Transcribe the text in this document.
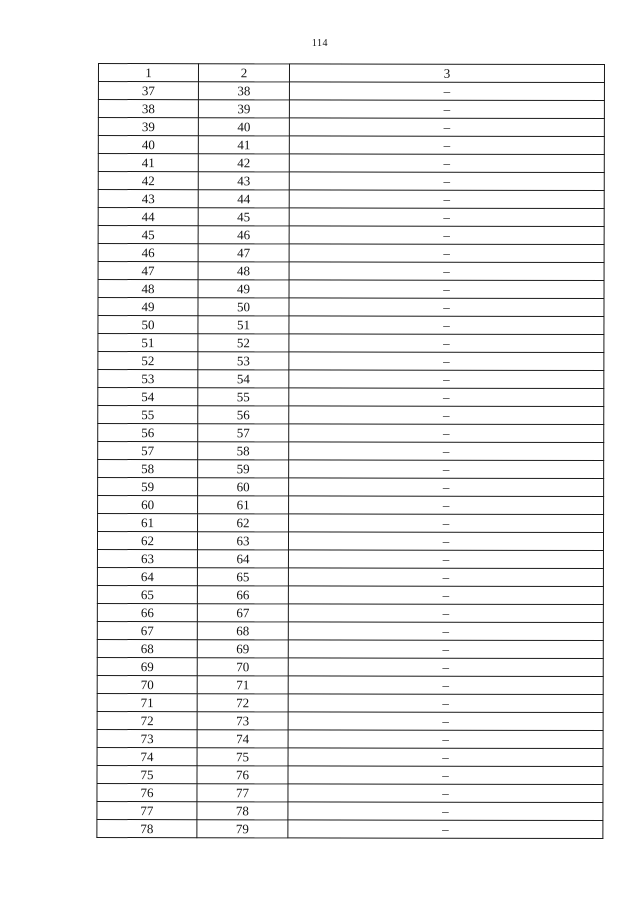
114
1	2	3
37	38	–
38	39	–
39	40	–
40	41	–
41	42	–
42	43	–
43	44	–
44	45	–
45	46	–
46	47	–
47	48	–
48	49	–
49	50	–
50	51	–
51	52	–
52	53	–
53	54	–
54	55	–
55	56	–
56	57	–
57	58	–
58	59	–
59	60	–
60	61	–
61	62	–
62	63	–
63	64	–
64	65	–
65	66	–
66	67	–
67	68	–
68	69	–
69	70	–
70	71	–
71	72	–
72	73	–
73	74	–
74	75	–
75	76	–
76	77	–
77	78	–
78	79	–
